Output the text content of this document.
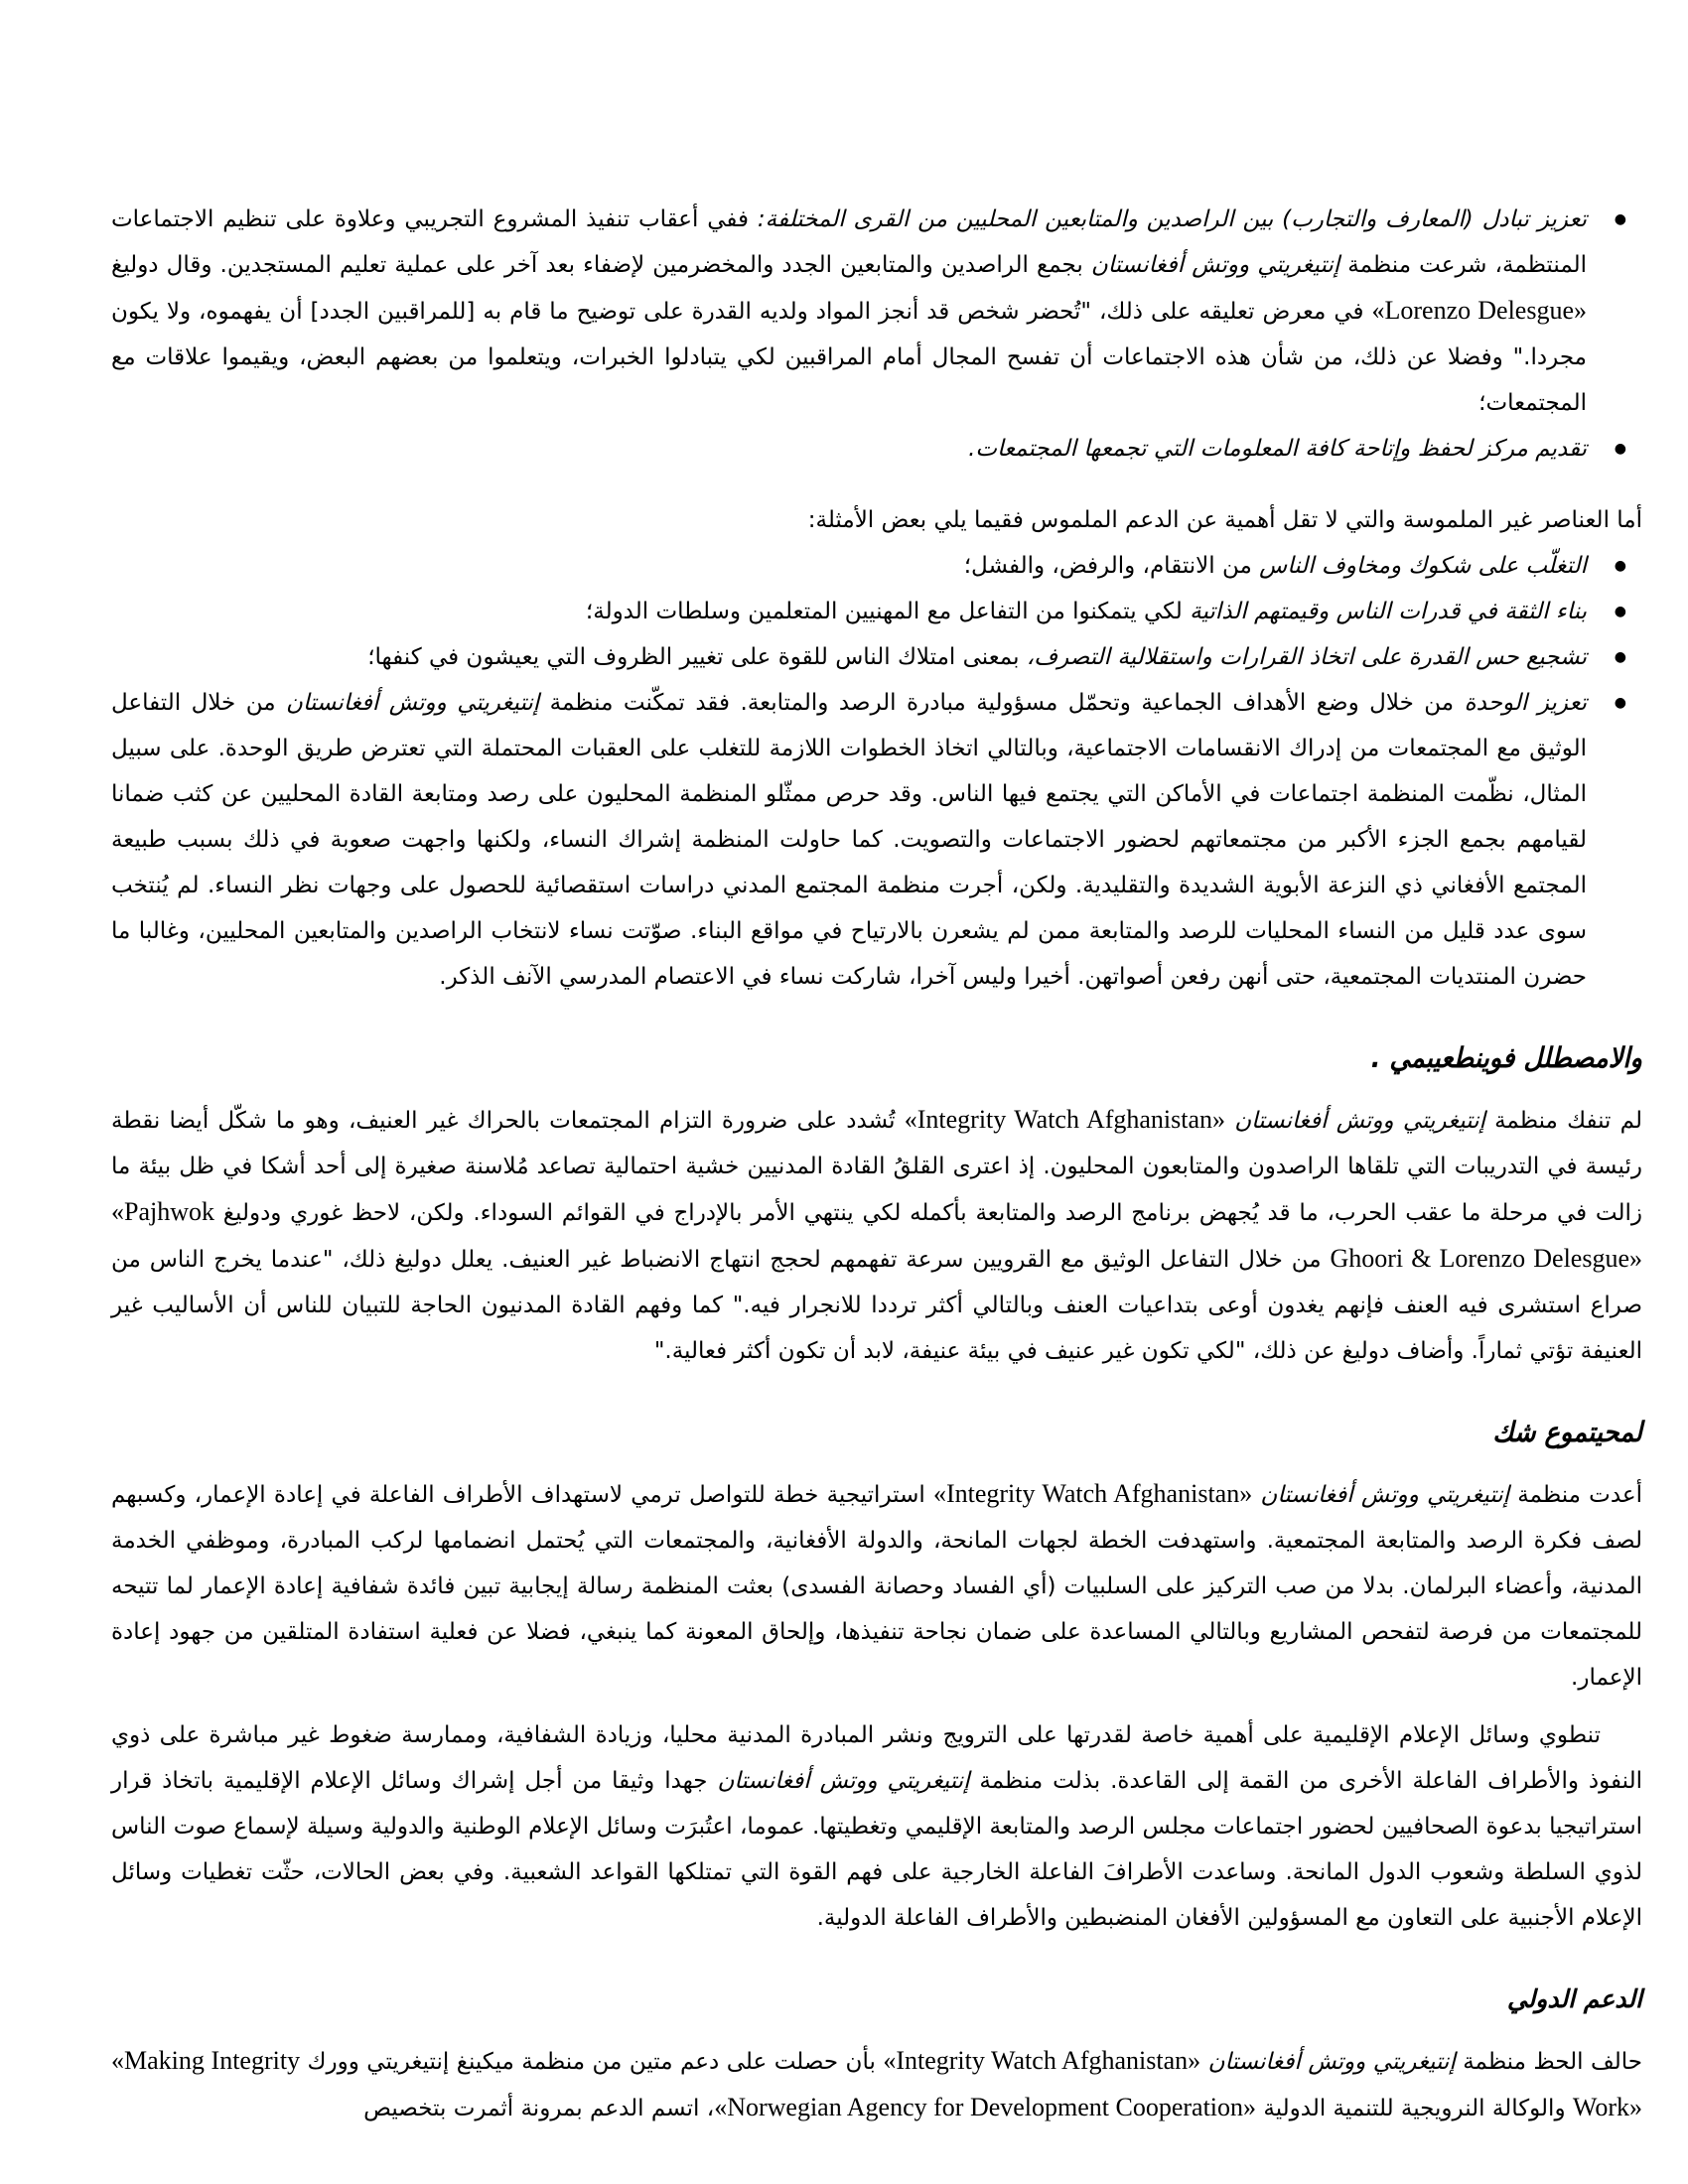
●
تعزيز تبادل (المعارف والتجارب) بين الراصدين والمتابعين المحليين من القرى المختلفة: ففي أعقاب تنفيذ المشروع التجريبي وعلاوة على تنظيم الاجتماعات المنتظمة، شرعت منظمة إنتيغريتي ووتش أفغانستان بجمع الراصدين والمتابعين الجدد والمخضرمين لإضفاء بعد آخر على عملية تعليم المستجدين. وقال دوليغ «Lorenzo Delesgue» في معرض تعليقه على ذلك، "تُحضر شخص قد أنجز المواد ولديه القدرة على توضيح ما قام به [للمراقبين الجدد] أن يفهموه، ولا يكون مجردا." وفضلا عن ذلك، من شأن هذه الاجتماعات أن تفسح المجال أمام المراقبين لكي يتبادلوا الخبرات، ويتعلموا من بعضهم البعض، ويقيموا علاقات مع المجتمعات؛
●
تقديم مركز لحفظ وإتاحة كافة المعلومات التي تجمعها المجتمعات.

أما العناصر غير الملموسة والتي لا تقل أهمية عن الدعم الملموس فقيما يلي بعض الأمثلة:

●
التغلّب على شكوك ومخاوف الناس من الانتقام، والرفض، والفشل؛
●
بناء الثقة في قدرات الناس وقيمتهم الذاتية لكي يتمكنوا من التفاعل مع المهنيين المتعلمين وسلطات الدولة؛
●
تشجيع حس القدرة على اتخاذ القرارات واستقلالية التصرف، بمعنى امتلاك الناس للقوة على تغيير الظروف التي يعيشون في كنفها؛
●
تعزيز الوحدة من خلال وضع الأهداف الجماعية وتحمّل مسؤولية مبادرة الرصد والمتابعة. فقد تمكّنت منظمة إنتيغريتي ووتش أفغانستان من خلال التفاعل الوثيق مع المجتمعات من إدراك الانقسامات الاجتماعية، وبالتالي اتخاذ الخطوات اللازمة للتغلب على العقبات المحتملة التي تعترض طريق الوحدة. على سبيل المثال، نظّمت المنظمة اجتماعات في الأماكن التي يجتمع فيها الناس. وقد حرص ممثّلو المنظمة المحليون على رصد ومتابعة القادة المحليين عن كثب ضمانا لقيامهم بجمع الجزء الأكبر من مجتمعاتهم لحضور الاجتماعات والتصويت. كما حاولت المنظمة إشراك النساء، ولكنها واجهت صعوبة في ذلك بسبب طبيعة المجتمع الأفغاني ذي النزعة الأبوية الشديدة والتقليدية. ولكن، أجرت منظمة المجتمع المدني دراسات استقصائية للحصول على وجهات نظر النساء. لم يُنتخب سوى عدد قليل من النساء المحليات للرصد والمتابعة ممن لم يشعرن بالارتياح في مواقع البناء. صوّتت نساء لانتخاب الراصدين والمتابعين المحليين، وغالبا ما حضرن المنتديات المجتمعية، حتى أنهن رفعن أصواتهن. أخيرا وليس آخرا، شاركت نساء في الاعتصام المدرسي الآنف الذكر.
والامصطلل فوينطعيبمي .

لم تنفك منظمة إنتيغريتي ووتش أفغانستان «Integrity Watch Afghanistan» تُشدد على ضرورة التزام المجتمعات بالحراك غير العنيف، وهو ما شكّل أيضا نقطة رئيسة في التدريبات التي تلقاها الراصدون والمتابعون المحليون. إذ اعترى القلقُ القادة المدنيين خشية احتمالية تصاعد مُلاسنة صغيرة إلى أحد أشكا في ظل بيئة ما زالت في مرحلة ما عقب الحرب، ما قد يُجهض برنامج الرصد والمتابعة بأكمله لكي ينتهي الأمر بالإدراج في القوائم السوداء. ولكن، لاحظ غوري ودوليغ «Pajhwok Ghoori & Lorenzo Delesgue» من خلال التفاعل الوثيق مع القرويين سرعة تفهمهم لحجج انتهاج الانضباط غير العنيف. يعلل دوليغ ذلك، "عندما يخرج الناس من صراع استشرى فيه العنف فإنهم يغدون أوعى بتداعيات العنف وبالتالي أكثر ترددا للانجرار فيه." كما وفهم القادة المدنيون الحاجة للتبيان للناس أن الأساليب غير العنيفة تؤتي ثماراً. وأضاف دوليغ عن ذلك، "لكي تكون غير عنيف في بيئة عنيفة، لابد أن تكون أكثر فعالية."

لمحيتموع شك

أعدت منظمة إنتيغريتي ووتش أفغانستان «Integrity Watch Afghanistan» استراتيجية خطة للتواصل ترمي لاستهداف الأطراف الفاعلة في إعادة الإعمار، وكسبهم لصف فكرة الرصد والمتابعة المجتمعية. واستهدفت الخطة لجهات المانحة، والدولة الأفغانية، والمجتمعات التي يُحتمل انضمامها لركب المبادرة، وموظفي الخدمة المدنية، وأعضاء البرلمان. بدلا من صب التركيز على السلبيات (أي الفساد وحصانة الفسدى) بعثت المنظمة رسالة إيجابية تبين فائدة شفافية إعادة الإعمار لما تتيحه للمجتمعات من فرصة لتفحص المشاريع وبالتالي المساعدة على ضمان نجاحة تنفيذها، وإلحاق المعونة كما ينبغي، فضلا عن فعلية استفادة المتلقين من جهود إعادة الإعمار.

تنطوي وسائل الإعلام الإقليمية على أهمية خاصة لقدرتها على الترويج ونشر المبادرة المدنية محليا، وزيادة الشفافية، وممارسة ضغوط غير مباشرة على ذوي النفوذ والأطراف الفاعلة الأخرى من القمة إلى القاعدة. بذلت منظمة إنتيغريتي ووتش أفغانستان جهدا وثيقا من أجل إشراك وسائل الإعلام الإقليمية باتخاذ قرار استراتيجيا بدعوة الصحافيين لحضور اجتماعات مجلس الرصد والمتابعة الإقليمي وتغطيتها. عموما، اعتُبرَت وسائل الإعلام الوطنية والدولية وسيلة لإسماع صوت الناس لذوي السلطة وشعوب الدول المانحة. وساعدت الأطرافَ الفاعلة الخارجية على فهم القوة التي تمتلكها القواعد الشعبية. وفي بعض الحالات، حثّت تغطيات وسائل الإعلام الأجنبية على التعاون مع المسؤولين الأفغان المنضبطين والأطراف الفاعلة الدولية.

الدعم الدولي

حالف الحظ منظمة إنتيغريتي ووتش أفغانستان «Integrity Watch Afghanistan» بأن حصلت على دعم متين من منظمة ميكينغ إنتيغريتي وورك «Making Integrity Work» والوكالة النرويجية للتنمية الدولية «Norwegian Agency for Development Cooperation»، اتسم الدعم بمرونة أثمرت بتخصيص
